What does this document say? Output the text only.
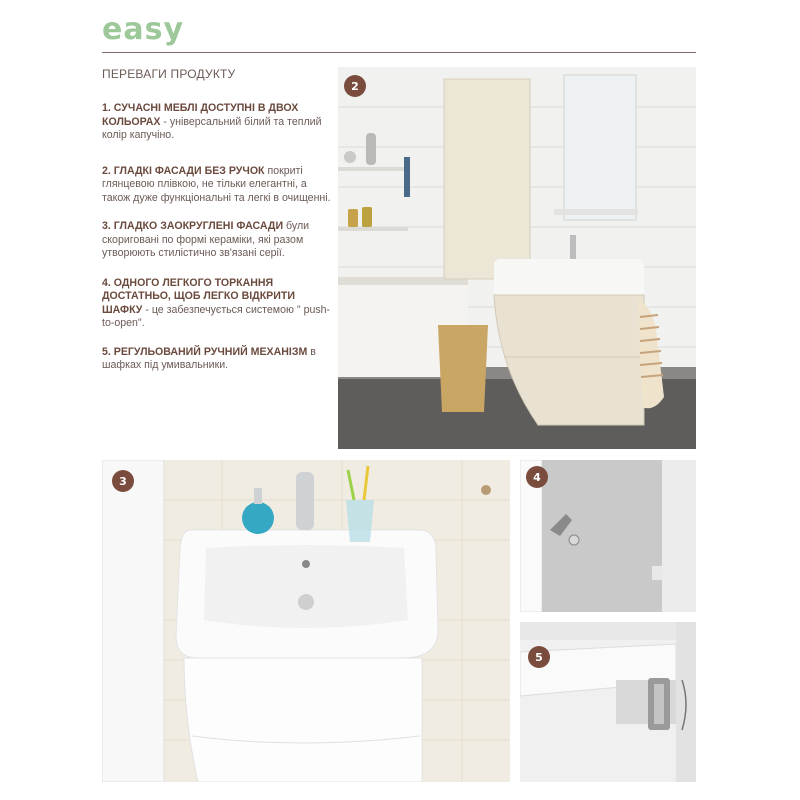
easy
ПЕРЕВАГИ ПРОДУКТУ
1. СУЧАСНІ МЕБЛІ ДОСТУПНІ В ДВОХ КОЛЬОРАХ - універсальний білий та теплий колір капучіно.
2. ГЛАДКІ ФАСАДИ БЕЗ РУЧОК покриті глянцевою плівкою, не тільки елегантні, а також дуже функціональні та легкі в очищенні.
3. ГЛАДКО ЗАОКРУГЛЕНІ ФАСАДИ були скориговані по формі кераміки, які разом утворюють стилістично зв'язані серії.
4. ОДНОГО ЛЕГКОГО ТОРКАННЯ ДОСТАТНЬО, ЩОБ ЛЕГКО ВІДКРИТИ ШАФКУ - це забезпечується системою " push-to-open".
5. РЕГУЛЬОВАНИЙ РУЧНИЙ МЕХАНІЗМ в шафках під умивальники.
2
3	4
5
